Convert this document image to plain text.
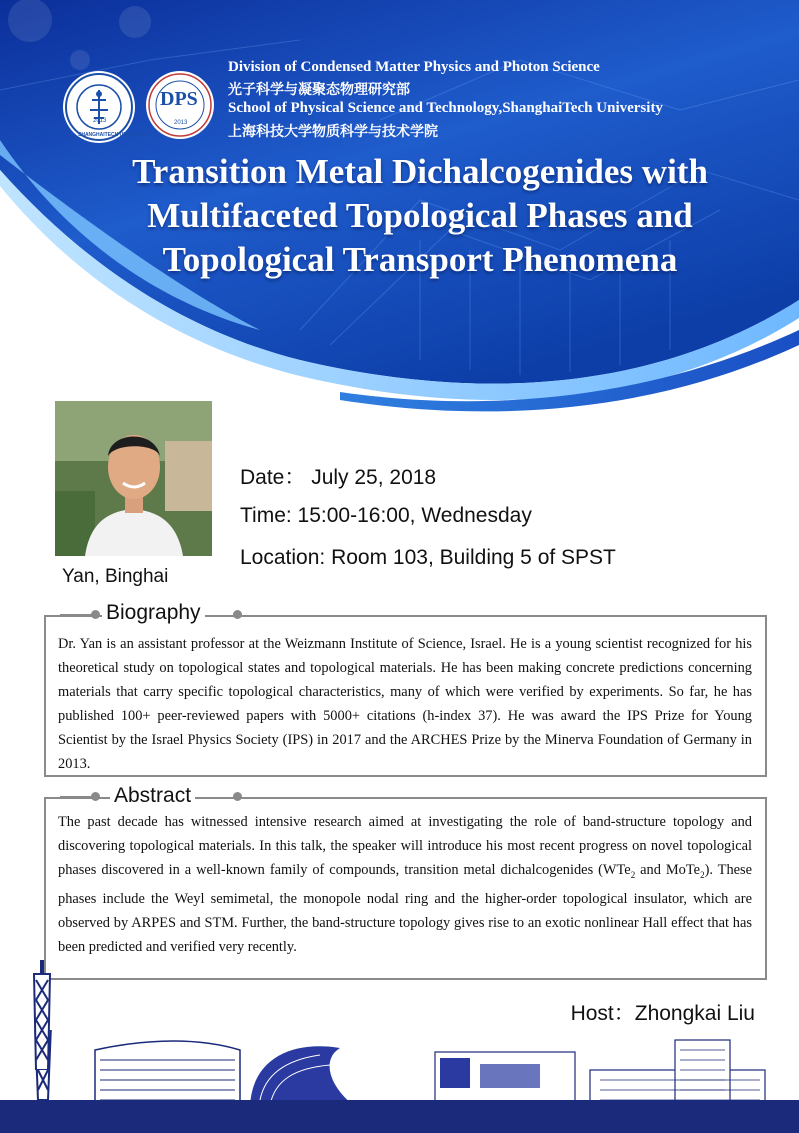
SHANGHAITECH UNIVERSITY
2013
DPS
2013
Division of Condensed Matter Physics and Photon Science
光子科学与凝聚态物理研究部
School of Physical Science and Technology,ShanghaiTech University
上海科技大学物质科学与技术学院
Transition Metal Dichalcogenides with
Multifaceted Topological Phases and
Topological Transport Phenomena
Yan, Binghai
Date： July 25, 2018
Time: 15:00-16:00, Wednesday
Location: Room 103, Building 5 of SPST
Biography
Dr. Yan is an assistant professor at the Weizmann Institute of Science, Israel. He is a young scientist recognized for his theoretical study on topological states and topological materials. He has been making concrete predictions concerning materials that carry specific topological characteristics, many of which were verified by experiments. So far, he has published 100+ peer-reviewed papers with 5000+ citations (h-index 37). He was award the IPS Prize for Young Scientist by the Israel Physics Society (IPS) in 2017 and the ARCHES Prize by the Minerva Foundation of Germany in 2013.
Abstract
The past decade has witnessed intensive research aimed at investigating the role of band-structure topology and discovering topological materials. In this talk, the speaker will introduce his most recent progress on novel topological phases discovered in a well-known family of compounds, transition metal dichalcogenides (WTe$_2$ and MoTe$_2$). These phases include the Weyl semimetal, the monopole nodal ring and the higher-order topological insulator, which are observed by ARPES and STM. Further, the band-structure topology gives rise to an exotic nonlinear Hall effect that has been predicted and verified very recently.
Host：Zhongkai Liu
